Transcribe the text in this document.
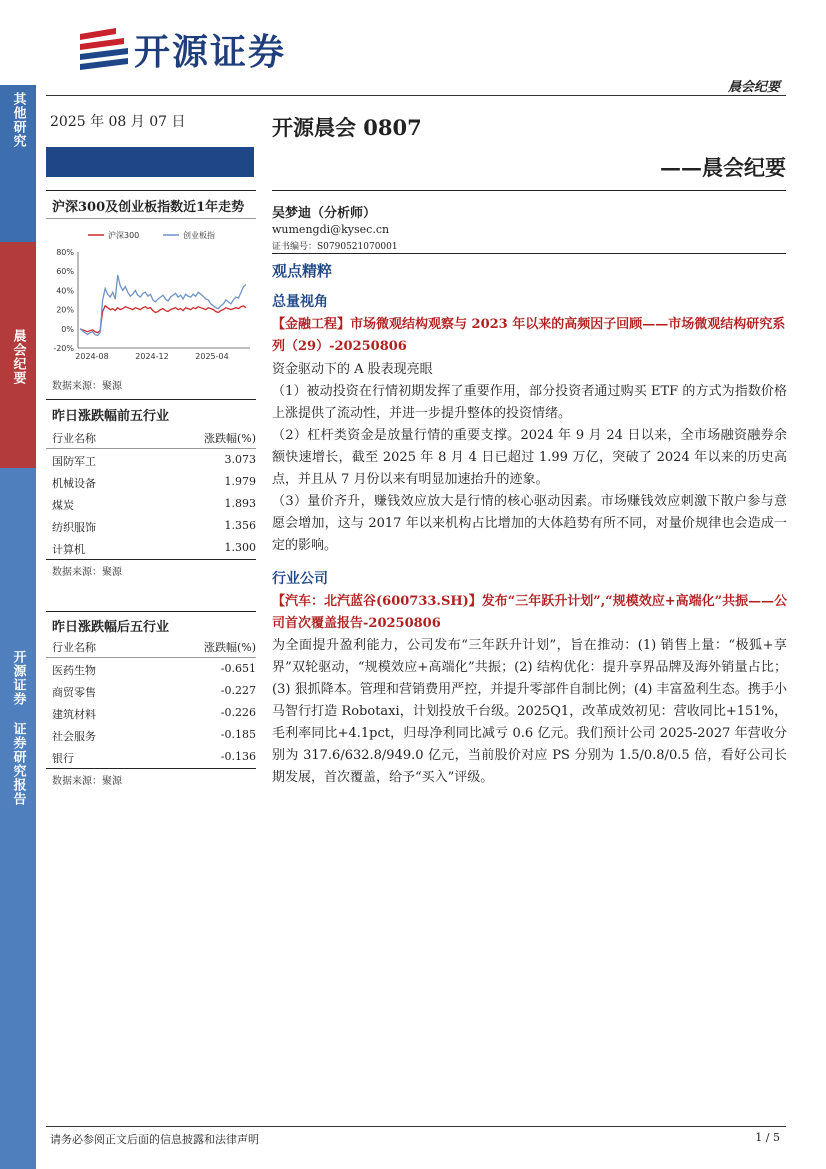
其他研究
晨会纪要
开源证券 证券研究报告
开源证券
晨会纪要
2025 年 08 月 07 日	开源晨会 0807
——晨会纪要
沪深300及创业板指数近1年走势
80%
60%
40%
20%
0%
-20%
2024-08	2024-12	2025-04
沪深300	创业板指
数据来源：聚源
昨日涨跌幅前五行业
行业名称	涨跌幅(%)
国防军工	3.073
机械设备	1.979
煤炭	1.893
纺织服饰	1.356
计算机	1.300
数据来源：聚源
昨日涨跌幅后五行业
行业名称	涨跌幅(%)
医药生物	-0.651
商贸零售	-0.227
建筑材料	-0.226
社会服务	-0.185
银行	-0.136
数据来源：聚源
吴梦迪（分析师）
wumengdi@kysec.cn
证书编号：S0790521070001
观点精粹
总量视角
【金融工程】市场微观结构观察与 2023 年以来的高频因子回顾——市场微观结构研究系列（29）-20250806
资金驱动下的 A 股表现亮眼
（1）被动投资在行情初期发挥了重要作用，部分投资者通过购买 ETF 的方式为指数价格上涨提供了流动性，并进一步提升整体的投资情绪。
（2）杠杆类资金是放量行情的重要支撑。2024 年 9 月 24 日以来，全市场融资融券余额快速增长，截至 2025 年 8 月 4 日已超过 1.99 万亿，突破了 2024 年以来的历史高点，并且从 7 月份以来有明显加速抬升的迹象。
（3）量价齐升，赚钱效应放大是行情的核心驱动因素。市场赚钱效应刺激下散户参与意愿会增加，这与 2017 年以来机构占比增加的大体趋势有所不同，对量价规律也会造成一定的影响。
行业公司
【汽车：北汽蓝谷(600733.SH)】发布“三年跃升计划”,“规模效应+高端化”共振——公司首次覆盖报告-20250806
为全面提升盈利能力，公司发布“三年跃升计划”，旨在推动：(1) 销售上量：“极狐+享界”双轮驱动，“规模效应+高端化”共振；(2) 结构优化：提升享界品牌及海外销量占比；(3) 狠抓降本。管理和营销费用严控，并提升零部件自制比例；(4) 丰富盈利生态。携手小马智行打造 Robotaxi，计划投放千台级。2025Q1，改革成效初见：营收同比+151%，毛利率同比+4.1pct，归母净利同比减亏 0.6 亿元。我们预计公司 2025-2027 年营收分别为 317.6/632.8/949.0 亿元，当前股价对应 PS 分别为 1.5/0.8/0.5 倍，看好公司长期发展，首次覆盖，给予“买入”评级。
请务必参阅正文后面的信息披露和法律声明	1 / 5
